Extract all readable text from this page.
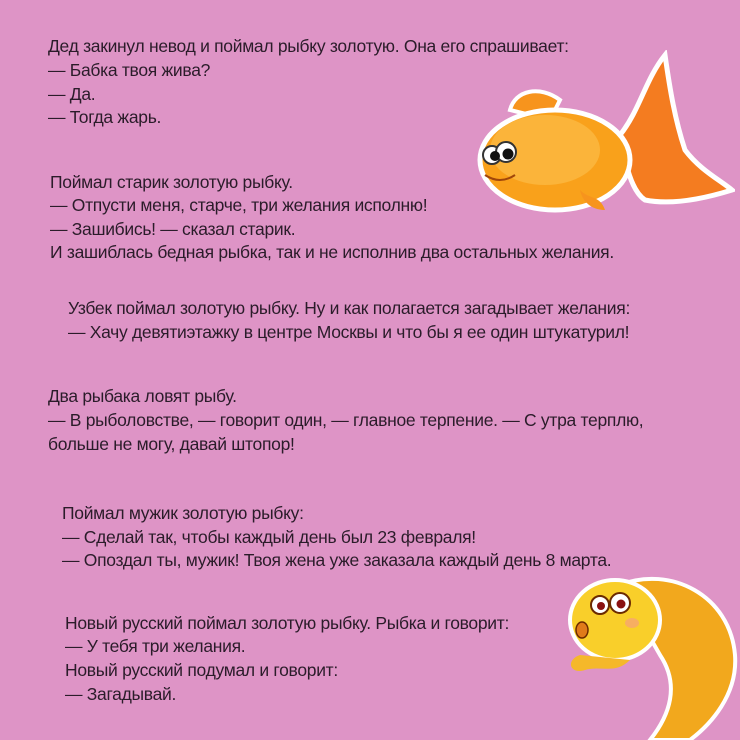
Дед закинул невод и поймал рыбку золотую. Она его спрашивает:
— Бабка твоя жива?
— Да.
— Тогда жарь.
Поймал старик золотую рыбку.
— Отпусти меня, старче, три желания исполню!
— Зашибись! — сказал старик.
И зашиблась бедная рыбка, так и не исполнив два остальных желания.
Узбек поймал золотую рыбку. Ну и как полагается загадывает желания:
— Хачу девятиэтажку в центре Москвы и что бы я ее один штукатурил!
Два рыбака ловят рыбу.
— В рыболовстве, — говорит один, — главное терпение. — С утра терплю,
больше не могу, давай штопор!
Поймал мужик золотую рыбку:
— Сделай так, чтобы каждый день был 23 февраля!
— Опоздал ты, мужик! Твоя жена уже заказала каждый день 8 марта.
Новый русский поймал золотую рыбку. Рыбка и говорит:
— У тебя три желания.
Новый русский подумал и говорит:
— Загадывай.
